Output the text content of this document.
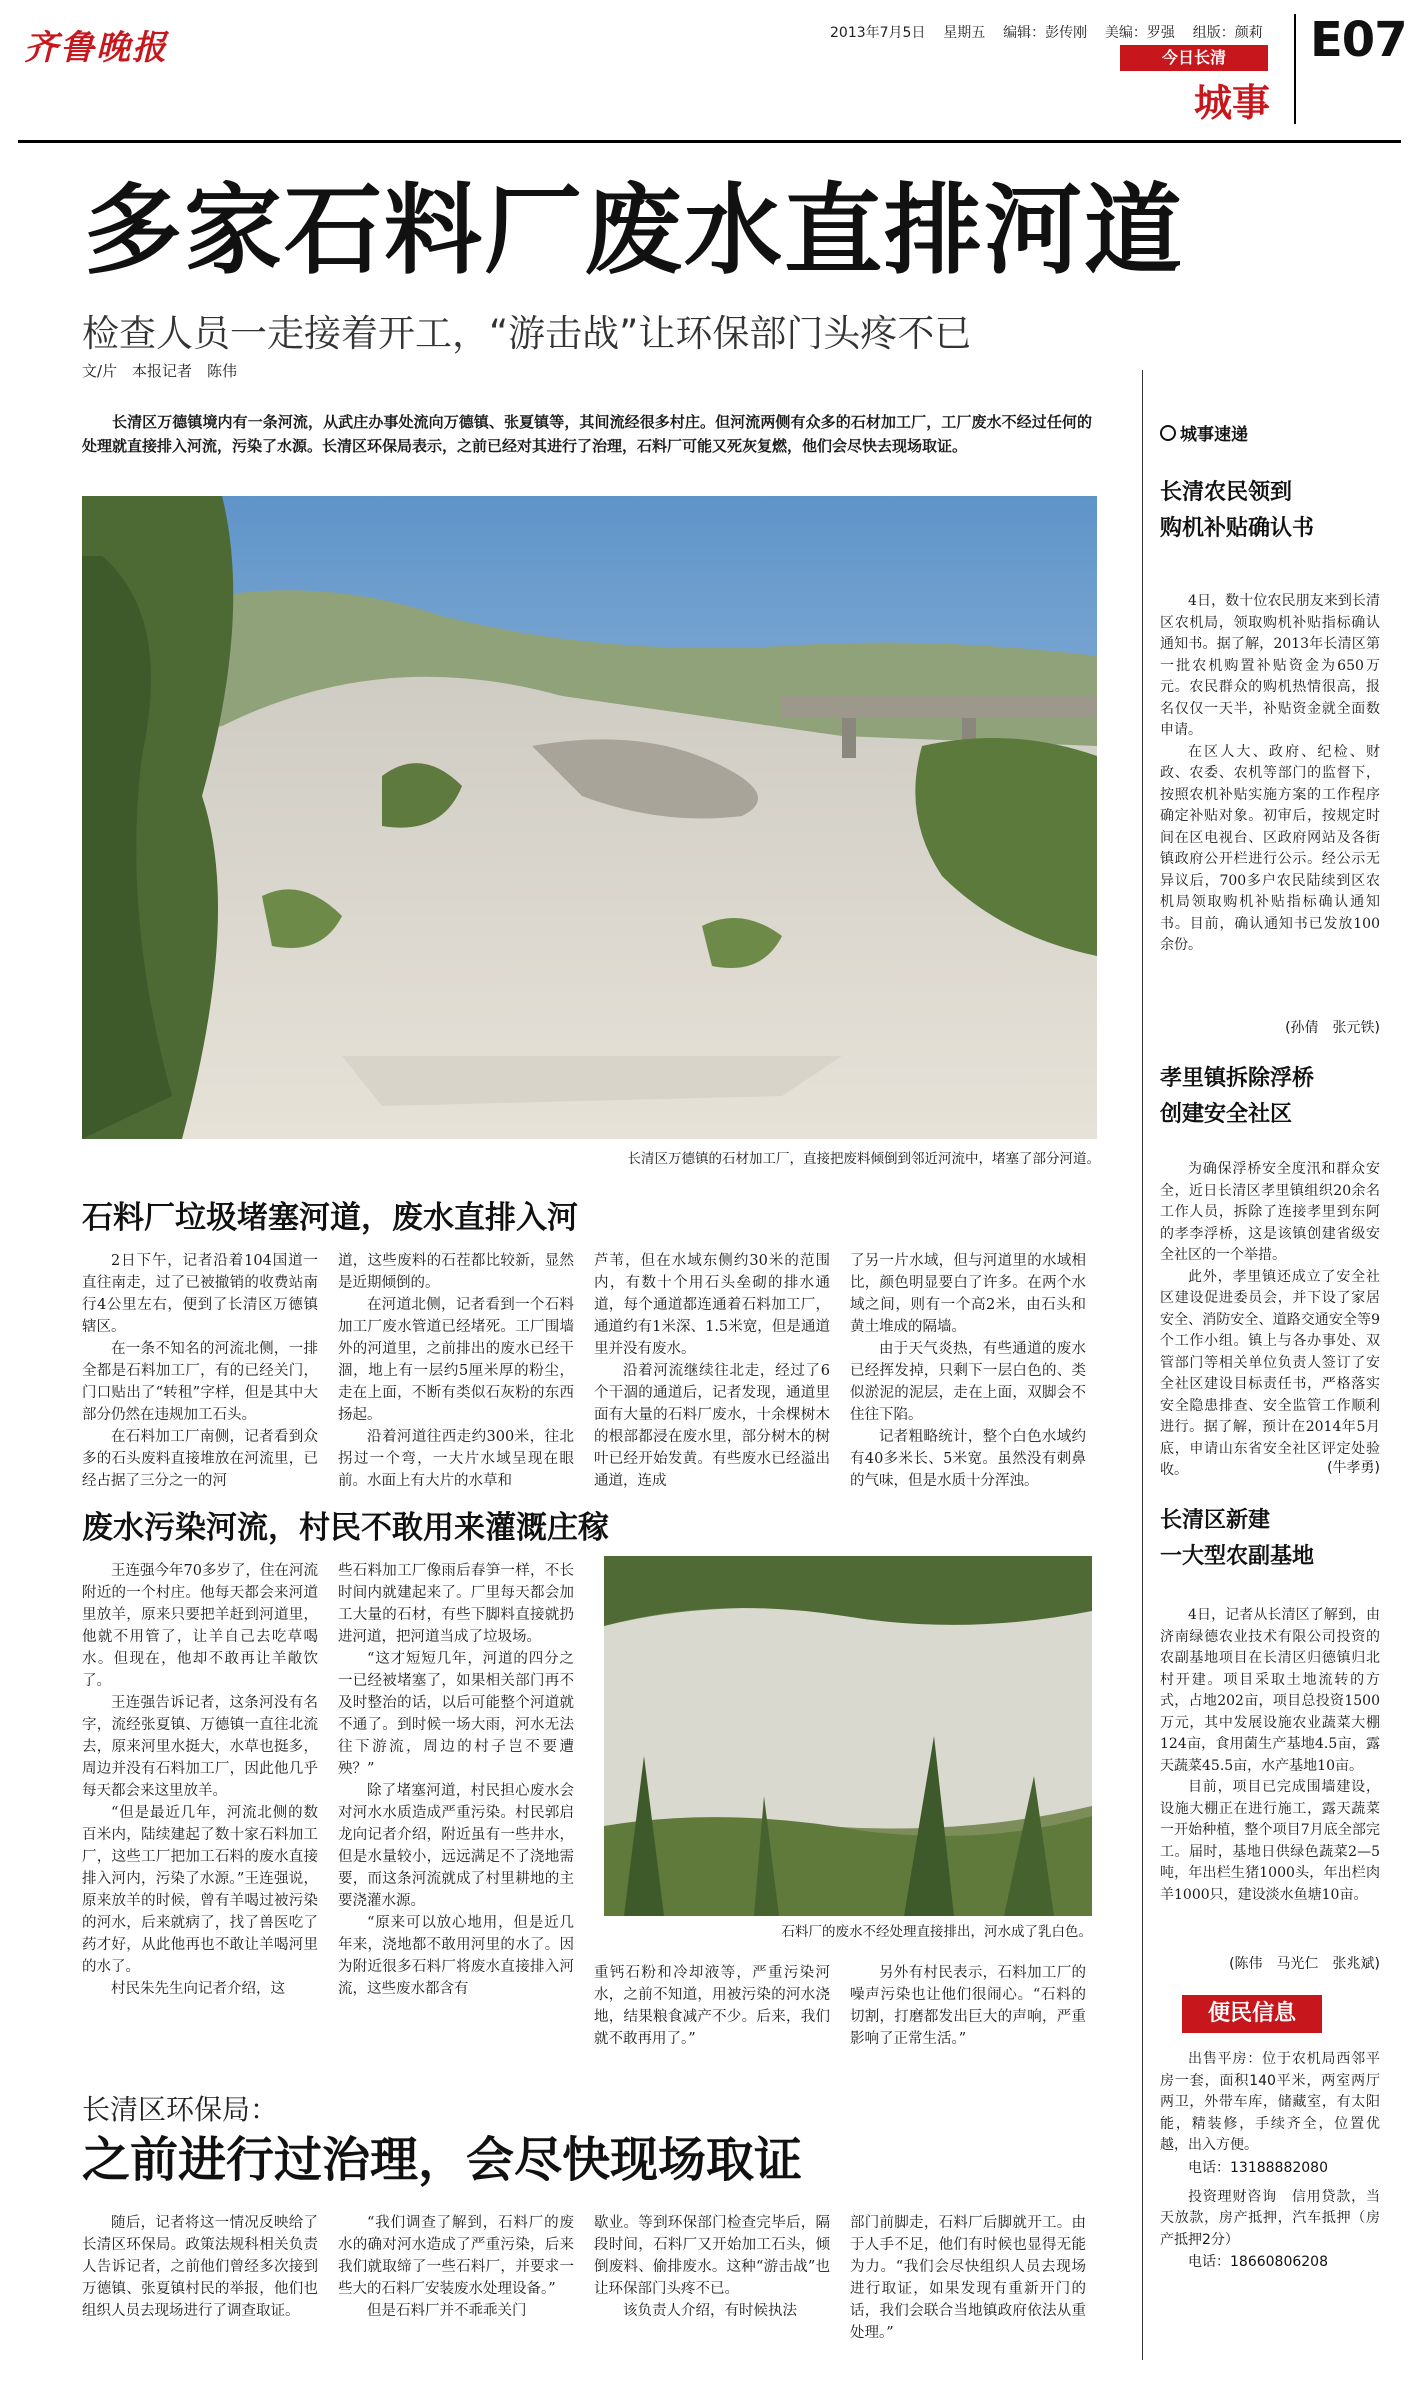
齐鲁晚报	2013年7月5日 星期五 编辑：彭传刚 美编：罗强 组版：颜莉
今日长清
城事
E07
多家石料厂废水直排河道
检查人员一走接着开工，“游击战”让环保部门头疼不已
文/片　本报记者　陈伟

长清区万德镇境内有一条河流，从武庄办事处流向万德镇、张夏镇等，其间流经很多村庄。但河流两侧有众多的石材加工厂，工厂废水不经过任何的处理就直接排入河流，污染了水源。长清区环保局表示，之前已经对其进行了治理，石料厂可能又死灰复燃，他们会尽快去现场取证。

长清区万德镇的石材加工厂，直接把废料倾倒到邻近河流中，堵塞了部分河道。
石料厂垃圾堵塞河道，废水直排入河

2日下午，记者沿着104国道一直往南走，过了已被撤销的收费站南行4公里左右，便到了长清区万德镇辖区。

在一条不知名的河流北侧，一排全都是石料加工厂，有的已经关门，门口贴出了“转租”字样，但是其中大部分仍然在违规加工石头。

在石料加工厂南侧，记者看到众多的石头废料直接堆放在河流里，已经占据了三分之一的河

道，这些废料的石茬都比较新，显然是近期倾倒的。

在河道北侧，记者看到一个石料加工厂废水管道已经堵死。工厂围墙外的河道里，之前排出的废水已经干涸，地上有一层约5厘米厚的粉尘，走在上面，不断有类似石灰粉的东西扬起。

沿着河道往西走约300米，往北拐过一个弯，一大片水域呈现在眼前。水面上有大片的水草和

芦苇，但在水域东侧约30米的范围内，有数十个用石头垒砌的排水通道，每个通道都连通着石料加工厂，通道约有1米深、1.5米宽，但是通道里并没有废水。

沿着河流继续往北走，经过了6个干涸的通道后，记者发现，通道里面有大量的石料厂废水，十余棵树木的根部都浸在废水里，部分树木的树叶已经开始发黄。有些废水已经溢出通道，连成

了另一片水域，但与河道里的水域相比，颜色明显要白了许多。在两个水域之间，则有一个高2米，由石头和黄土堆成的隔墙。

由于天气炎热，有些通道的废水已经挥发掉，只剩下一层白色的、类似淤泥的泥层，走在上面，双脚会不住往下陷。

记者粗略统计，整个白色水域约有40多米长、5米宽。虽然没有刺鼻的气味，但是水质十分浑浊。

废水污染河流，村民不敢用来灌溉庄稼

王连强今年70多岁了，住在河流附近的一个村庄。他每天都会来河道里放羊，原来只要把羊赶到河道里，他就不用管了，让羊自己去吃草喝水。但现在，他却不敢再让羊敞饮了。

王连强告诉记者，这条河没有名字，流经张夏镇、万德镇一直往北流去，原来河里水挺大，水草也挺多，周边并没有石料加工厂，因此他几乎每天都会来这里放羊。

“但是最近几年，河流北侧的数百米内，陆续建起了数十家石料加工厂，这些工厂把加工石料的废水直接排入河内，污染了水源。”王连强说，原来放羊的时候，曾有羊喝过被污染的河水，后来就病了，找了兽医吃了药才好，从此他再也不敢让羊喝河里的水了。

村民朱先生向记者介绍，这

些石料加工厂像雨后春笋一样，不长时间内就建起来了。厂里每天都会加工大量的石材，有些下脚料直接就扔进河道，把河道当成了垃圾场。

“这才短短几年，河道的四分之一已经被堵塞了，如果相关部门再不及时整治的话，以后可能整个河道就不通了。到时候一场大雨，河水无法往下游流，周边的村子岂不要遭殃？”

除了堵塞河道，村民担心废水会对河水水质造成严重污染。村民郭启龙向记者介绍，附近虽有一些井水，但是水量较小，远远满足不了浇地需要，而这条河流就成了村里耕地的主要浇灌水源。

“原来可以放心地用，但是近几年来，浇地都不敢用河里的水了。因为附近很多石料厂将废水直接排入河流，这些废水都含有

石料厂的废水不经处理直接排出，河水成了乳白色。

重钙石粉和冷却液等，严重污染河水，之前不知道，用被污染的河水浇地，结果粮食减产不少。后来，我们就不敢再用了。”

另外有村民表示，石料加工厂的噪声污染也让他们很闹心。“石料的切割，打磨都发出巨大的声响，严重影响了正常生活。”

长清区环保局：
之前进行过治理，会尽快现场取证

随后，记者将这一情况反映给了长清区环保局。政策法规科相关负责人告诉记者，之前他们曾经多次接到万德镇、张夏镇村民的举报，他们也组织人员去现场进行了调查取证。

“我们调查了解到，石料厂的废水的确对河水造成了严重污染，后来我们就取缔了一些石料厂，并要求一些大的石料厂安装废水处理设备。”

但是石料厂并不乖乖关门

歇业。等到环保部门检查完毕后，隔段时间，石料厂又开始加工石头，倾倒废料、偷排废水。这种“游击战”也让环保部门头疼不已。

该负责人介绍，有时候执法

部门前脚走，石料厂后脚就开工。由于人手不足，他们有时候也显得无能为力。“我们会尽快组织人员去现场进行取证，如果发现有重新开门的话，我们会联合当地镇政府依法从重处理。”

城事速递
长清农民领到
购机补贴确认书

4日，数十位农民朋友来到长清区农机局，领取购机补贴指标确认通知书。据了解，2013年长清区第一批农机购置补贴资金为650万元。农民群众的购机热情很高，报名仅仅一天半，补贴资金就全面数申请。

在区人大、政府、纪检、财政、农委、农机等部门的监督下，按照农机补贴实施方案的工作程序确定补贴对象。初审后，按规定时间在区电视台、区政府网站及各街镇政府公开栏进行公示。经公示无异议后，700多户农民陆续到区农机局领取购机补贴指标确认通知书。目前，确认通知书已发放100余份。

(孙倩　张元铁)
孝里镇拆除浮桥
创建安全社区

为确保浮桥安全度汛和群众安全，近日长清区孝里镇组织20余名工作人员，拆除了连接孝里到东阿的孝李浮桥，这是该镇创建省级安全社区的一个举措。

此外，孝里镇还成立了安全社区建设促进委员会，并下设了家居安全、消防安全、道路交通安全等9个工作小组。镇上与各办事处、双管部门等相关单位负责人签订了安全社区建设目标责任书，严格落实安全隐患排查、安全监管工作顺利进行。据了解，预计在2014年5月底，申请山东省安全社区评定处验收。	(牛孝勇)
长清区新建
一大型农副基地

4日，记者从长清区了解到，由济南绿德农业技术有限公司投资的农副基地项目在长清区归德镇归北村开建。项目采取土地流转的方式，占地202亩，项目总投资1500万元，其中发展设施农业蔬菜大棚124亩，食用菌生产基地4.5亩，露天蔬菜45.5亩，水产基地10亩。

目前，项目已完成围墙建设，设施大棚正在进行施工，露天蔬菜一开始种植，整个项目7月底全部完工。届时，基地日供绿色蔬菜2—5吨，年出栏生猪1000头，年出栏肉羊1000只，建设淡水鱼塘10亩。

(陈伟　马光仁　张兆斌)
便民信息

出售平房：位于农机局西邻平房一套，面积140平米，两室两厅两卫，外带车库，储藏室，有太阳能，精装修，手续齐全，位置优越，出入方便。

电话：13188882080

投资理财咨询　信用贷款，当天放款，房产抵押，汽车抵押（房产抵押2分）

电话：18660806208
